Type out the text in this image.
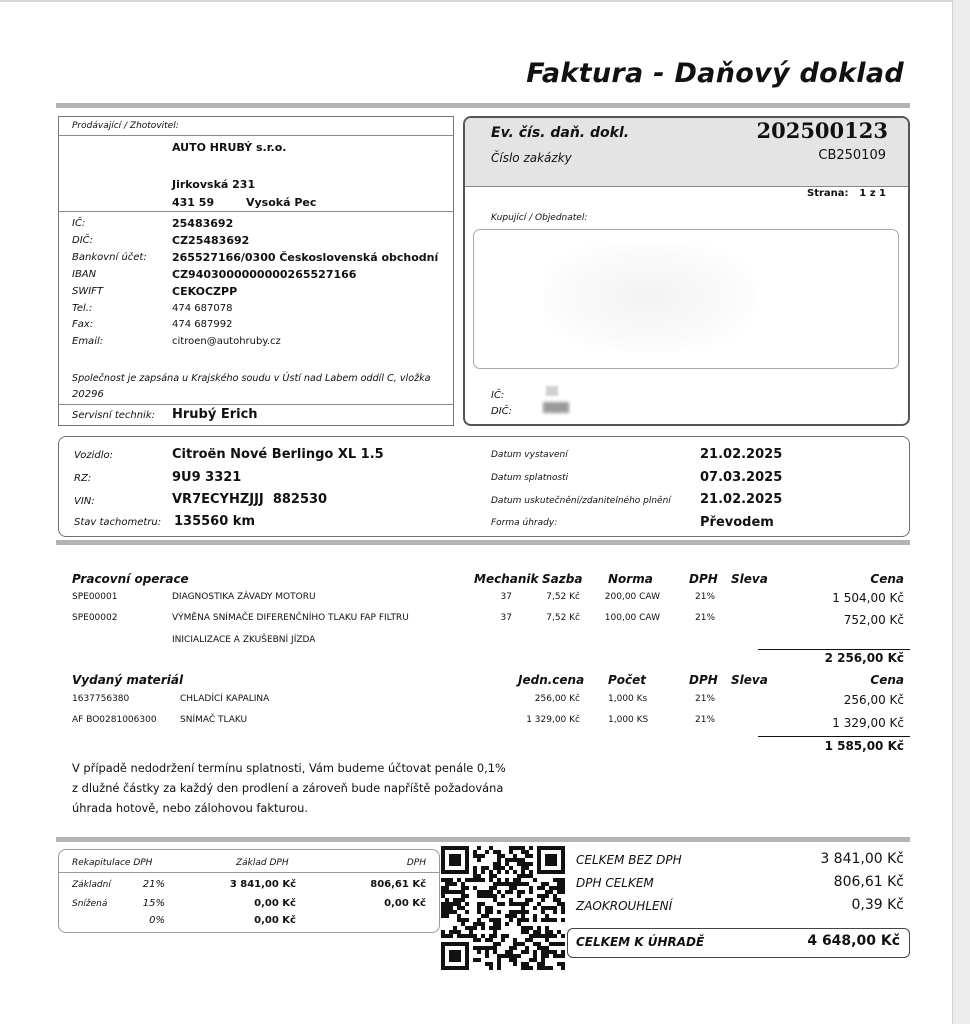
Faktura - Daňový doklad
Prodávající / Zhotovitel:
AUTO HRUBÝ s.r.o.
Jirkovská 231
431 59	Vysoká Pec
IČ:	25483692
DIČ:	CZ25483692
Bankovní účet: 265527166/0300 Československá obchodní
IBAN	CZ9403000000000265527166
SWIFT	CEKOCZPP
Tel.:	474 687078
Fax:	474 687992
Email:	citroen@autohruby.cz
Společnost je zapsána u Krajského soudu v Ústí nad Labem oddíl C, vložka
20296
Servisní technik: Hrubý Erich
Ev. čís. daň. dokl.	202500123
Číslo zakázky	CB250109
Strana: 1 z 1
Kupující / Objednatel:
IČ:
DIČ:
Vozidlo:	Citroën Nové Berlingo XL 1.5
RZ:	9U9 3321
VIN:	VR7ECYHZJJJ  882530
Stav tachometru: 135560 km
Datum vystavení	21.02.2025
Datum splatnosti	07.03.2025
Datum uskutečnění/zdanitelného plnění 21.02.2025
Forma úhrady:	Převodem
Pracovní operace	Mechanik Sazba Norma	DPH Sleva	Cena
SPE00001	DIAGNOSTIKA ZÁVADY MOTORU	37	7,52 Kč	200,00 CAW	21%	1 504,00 Kč
SPE00002	VÝMĚNA SNÍMAČE DIFERENČNÍHO TLAKU FAP FILTRU	37	7,52 Kč	100,00 CAW	21%	752,00 Kč
INICIALIZACE A ZKUŠEBNÍ JÍZDA
2 256,00 Kč
Vydaný materiál	Jedn.cena Počet	DPH Sleva	Cena
1637756380	CHLADÍCÍ KAPALINA	256,00 Kč	1,000 Ks	21%	256,00 Kč
AF BO0281006300	SNÍMAČ TLAKU	1 329,00 Kč	1,000 KS	21%	1 329,00 Kč
1 585,00 Kč
V případě nedodržení termínu splatnosti, Vám budeme účtovat penále 0,1%
z dlužné částky za každý den prodlení a zároveň bude napříště požadována
úhrada hotově, nebo zálohovou fakturou.
Rekapitulace DPH	Základ DPH	DPH
Základní	21%	3 841,00 Kč	806,61 Kč
Snížená	15%	0,00 Kč	0,00 Kč
0%	0,00 Kč
CELKEM BEZ DPH	3 841,00 Kč
DPH CELKEM	806,61 Kč
ZAOKROUHLENÍ	0,39 Kč
CELKEM K ÚHRADĚ	4 648,00 Kč
